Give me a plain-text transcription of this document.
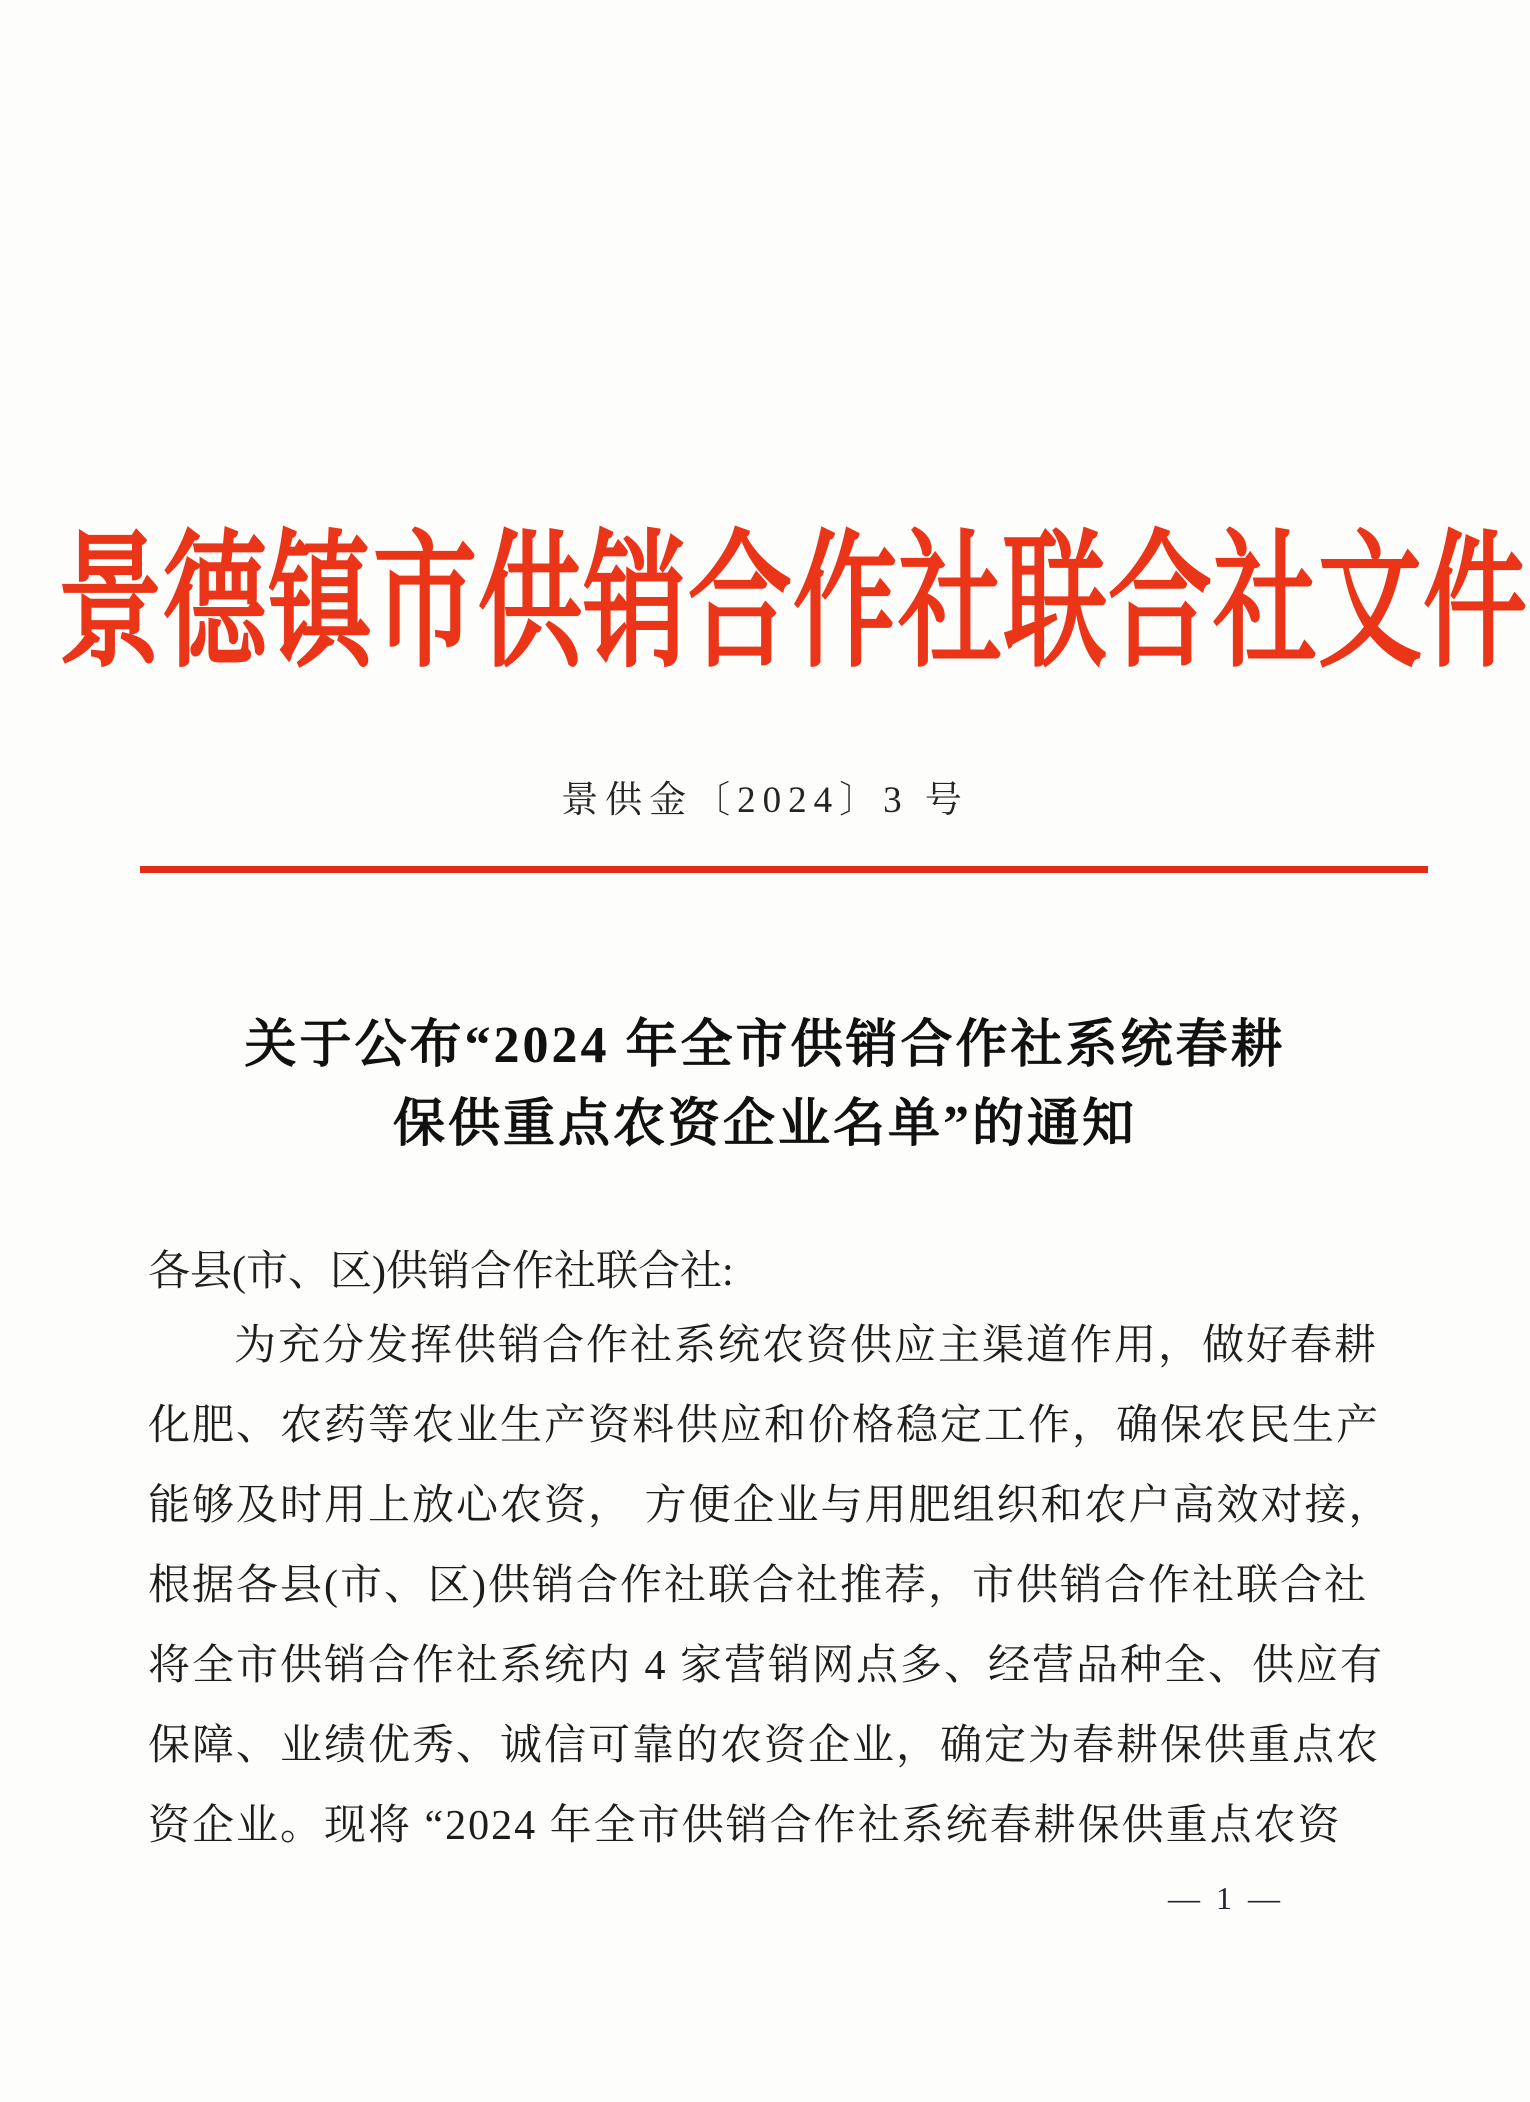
景德镇市供销合作社联合社文件
景供金〔2024〕3 号
关于公布“2024 年全市供销合作社系统春耕
保供重点农资企业名单”的通知
各县(市、区)供销合作社联合社:
为充分发挥供销合作社系统农资供应主渠道作用，做好春耕
化肥、农药等农业生产资料供应和价格稳定工作，确保农民生产
能够及时用上放心农资， 方便企业与用肥组织和农户高效对接，
根据各县(市、区)供销合作社联合社推荐，市供销合作社联合社
将全市供销合作社系统内 4 家营销网点多、经营品种全、供应有
保障、业绩优秀、诚信可靠的农资企业，确定为春耕保供重点农
资企业。现将 “2024 年全市供销合作社系统春耕保供重点农资
— 1 —
